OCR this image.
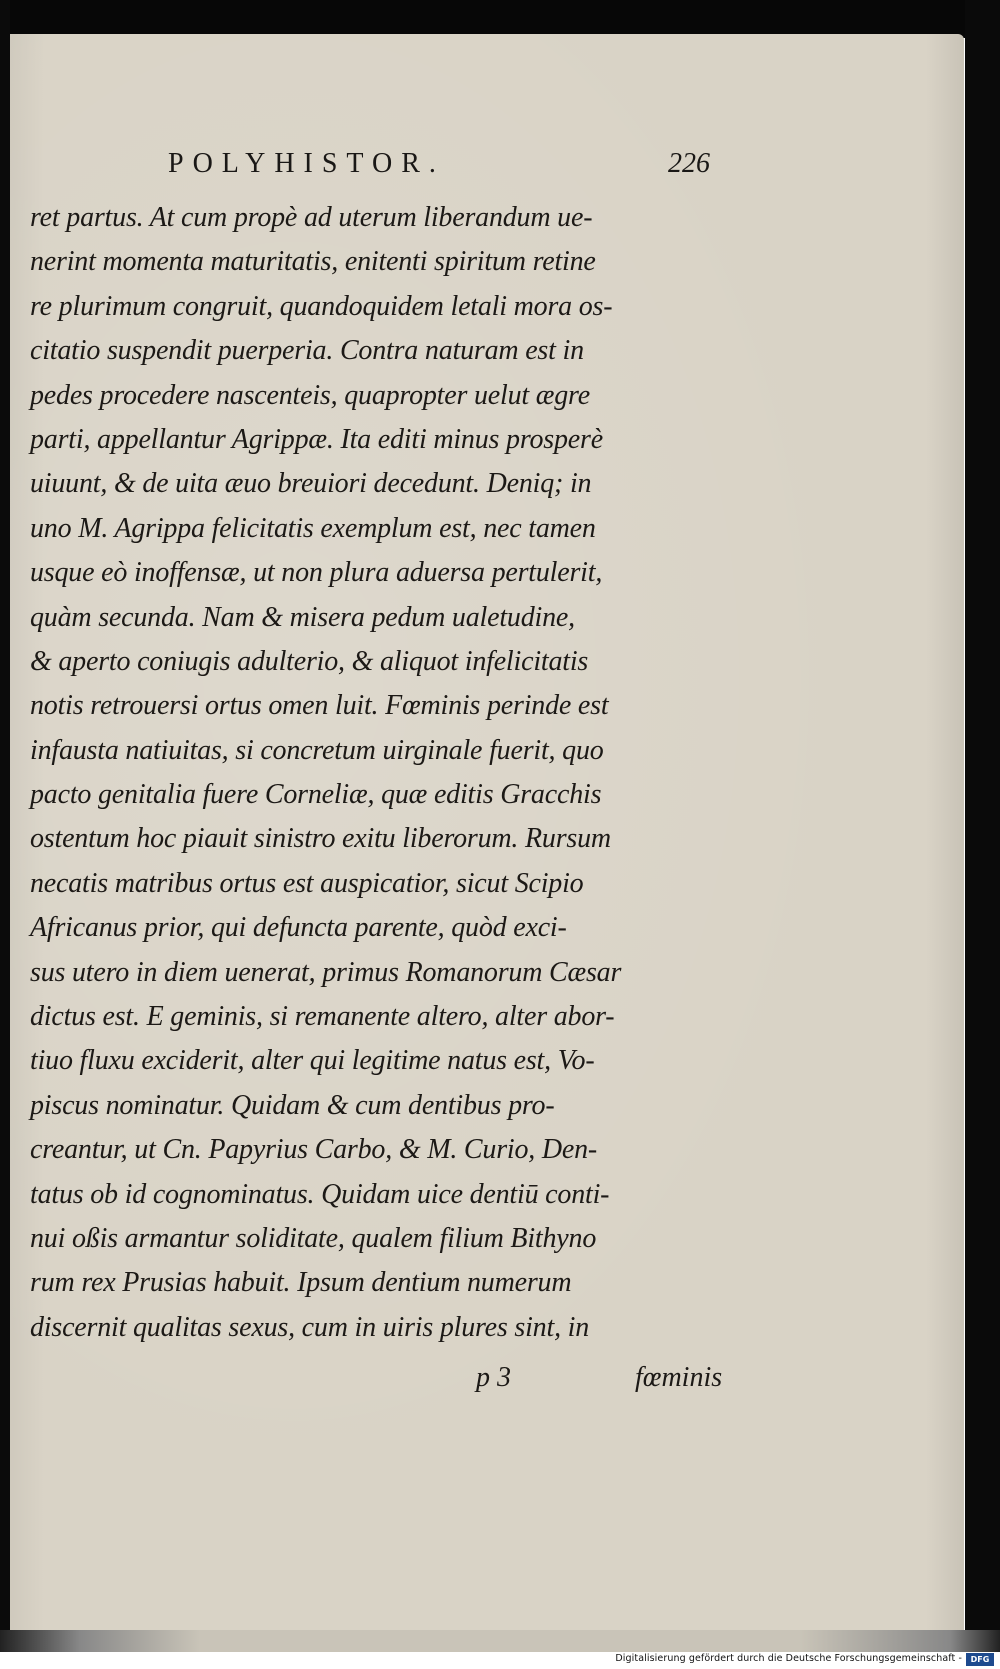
POLYHISTOR.	226
ret partus. At cum propè ad uterum liberandum ue-
nerint momenta maturitatis, enitenti spiritum retine
re plurimum congruit, quandoquidem letali mora os-
citatio suspendit puerperia. Contra naturam est in
pedes procedere nascenteis, quapropter uelut ægre
parti, appellantur Agrippæ. Ita editi minus prosperè
uiuunt, & de uita æuo breuiori decedunt. Deniq; in
uno M. Agrippa felicitatis exemplum est, nec tamen
usque eò inoffensæ, ut non plura aduersa pertulerit,
quàm secunda. Nam & misera pedum ualetudine,
& aperto coniugis adulterio, & aliquot infelicitatis
notis retrouersi ortus omen luit. Fœminis perinde est
infausta natiuitas, si concretum uirginale fuerit, quo
pacto genitalia fuere Corneliæ, quæ editis Gracchis
ostentum hoc piauit sinistro exitu liberorum. Rursum
necatis matribus ortus est auspicatior, sicut Scipio
Africanus prior, qui defuncta parente, quòd exci-
sus utero in diem uenerat, primus Romanorum Cæsar
dictus est. E geminis, si remanente altero, alter abor-
tiuo fluxu exciderit, alter qui legitime natus est, Vo-
piscus nominatur. Quidam & cum dentibus pro-
creantur, ut Cn. Papyrius Carbo, & M. Curio, Den-
tatus ob id cognominatus. Quidam uice dentiū conti-
nui oßis armantur soliditate, qualem filium Bithyno
rum rex Prusias habuit. Ipsum dentium numerum
discernit qualitas sexus, cum in uiris plures sint, in
p 3	fœminis
Digitalisierung gefördert durch die Deutsche Forschungsgemeinschaft -	DFG
